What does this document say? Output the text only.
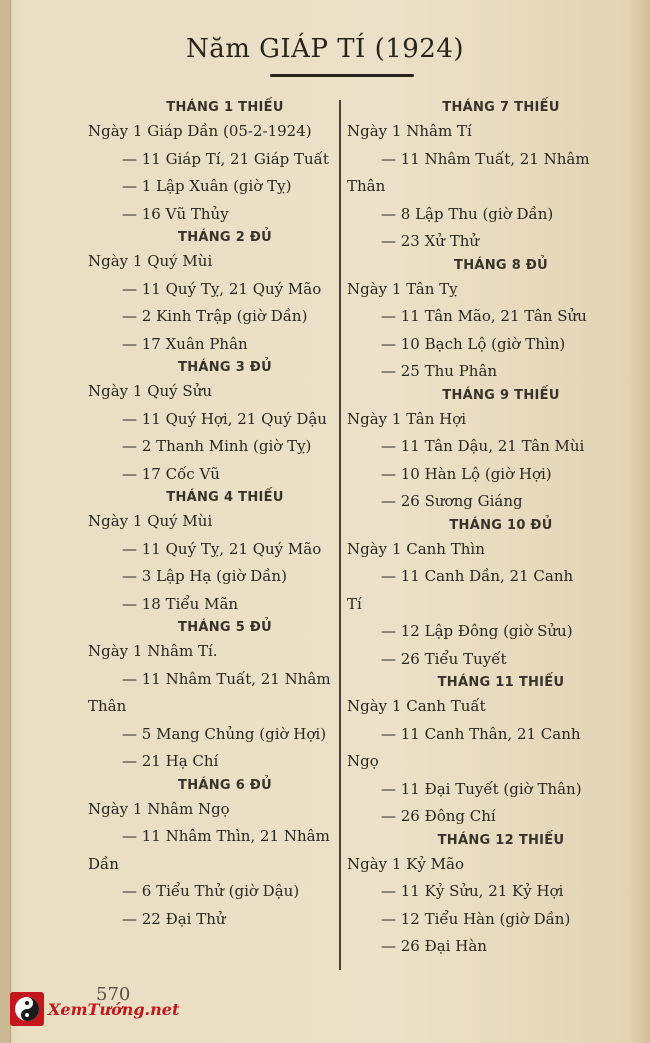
Năm GIÁP TÍ (1924)
THÁNG 1 THIẾU
Ngày 1 Giáp Dần (05-2-1924)
— 11 Giáp Tí, 21 Giáp Tuất
— 1 Lập Xuân (giờ Tỵ)
— 16 Vũ Thủy
THÁNG 2 ĐỦ
Ngày 1 Quý Mùi
— 11 Quý Tỵ, 21 Quý Mão
— 2 Kinh Trập (giờ Dần)
— 17 Xuân Phân
THÁNG 3 ĐỦ
Ngày 1 Quý Sửu
— 11 Quý Hợi, 21 Quý Dậu
— 2 Thanh Minh (giờ Tỵ)
— 17 Cốc Vũ
THÁNG 4 THIẾU
Ngày 1 Quý Mùi
— 11 Quý Tỵ, 21 Quý Mão
— 3 Lập Hạ (giờ Dần)
— 18 Tiểu Mãn
THÁNG 5 ĐỦ
Ngày 1 Nhâm Tí.
— 11 Nhâm Tuất, 21 Nhâm
Thân
— 5 Mang Chủng (giờ Hợi)
— 21 Hạ Chí
THÁNG 6 ĐỦ
Ngày 1 Nhâm Ngọ
— 11 Nhâm Thìn, 21 Nhâm
Dần
— 6 Tiểu Thử (giờ Dậu)
— 22 Đại Thử
THÁNG 7 THIẾU
Ngày 1 Nhâm Tí
— 11 Nhâm Tuất, 21 Nhâm
Thân
— 8 Lập Thu (giờ Dần)
— 23 Xử Thử
THÁNG 8 ĐỦ
Ngày 1 Tân Tỵ
— 11 Tân Mão, 21 Tân Sửu
— 10 Bạch Lộ (giờ Thìn)
— 25 Thu Phân
THÁNG 9 THIẾU
Ngày 1 Tân Hợi
— 11 Tân Dậu, 21 Tân Mùi
— 10 Hàn Lộ (giờ Hợi)
— 26 Sương Giáng
THÁNG 10 ĐỦ
Ngày 1 Canh Thìn
— 11 Canh Dần, 21 Canh
Tí
— 12 Lập Đông (giờ Sửu)
— 26 Tiểu Tuyết
THÁNG 11 THIẾU
Ngày 1 Canh Tuất
— 11 Canh Thân, 21 Canh
Ngọ
— 11 Đại Tuyết (giờ Thân)
— 26 Đông Chí
THÁNG 12 THIẾU
Ngày 1 Kỷ Mão
— 11 Kỷ Sửu, 21 Kỷ Hợi
— 12 Tiểu Hàn (giờ Dần)
— 26 Đại Hàn
570
XemTướng.net
